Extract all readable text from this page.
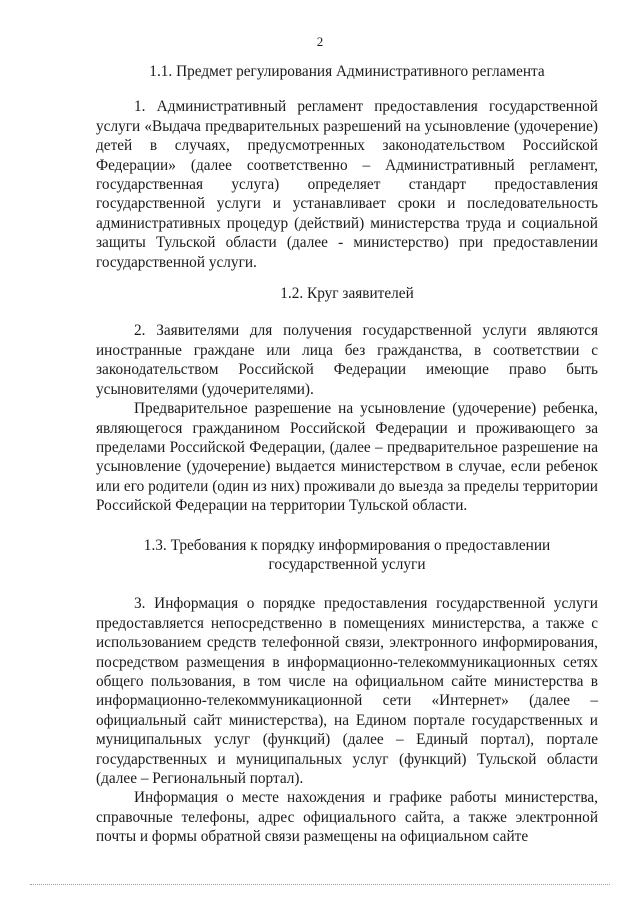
2

1.1. Предмет регулирования Административного регламента

1. Административный регламент предоставления государственной услуги «Выдача предварительных разрешений на усыновление (удочерение) детей в случаях, предусмотренных законодательством Российской Федерации» (далее соответственно – Административный регламент, государственная услуга) определяет стандарт предоставления государственной услуги и устанавливает сроки и последовательность административных процедур (действий) министерства труда и социальной защиты Тульской области (далее - министерство) при предоставлении государственной услуги.

1.2. Круг заявителей

2. Заявителями для получения государственной услуги являются иностранные граждане или лица без гражданства, в соответствии с законодательством Российской Федерации имеющие право быть усыновителями (удочерителями).

Предварительное разрешение на усыновление (удочерение) ребенка, являющегося гражданином Российской Федерации и проживающего за пределами Российской Федерации, (далее – предварительное разрешение на усыновление (удочерение) выдается министерством в случае, если ребенок или его родители (один из них) проживали до выезда за пределы территории Российской Федерации на территории Тульской области.

1.3. Требования к порядку информирования о предоставлении государственной услуги

3. Информация о порядке предоставления государственной услуги предоставляется непосредственно в помещениях министерства, а также с использованием средств телефонной связи, электронного информирования, посредством размещения в информационно-телекоммуникационных сетях общего пользования, в том числе на официальном сайте министерства в информационно-телекоммуникационной сети «Интернет» (далее – официальный сайт министерства), на Едином портале государственных и муниципальных услуг (функций) (далее – Единый портал), портале государственных и муниципальных услуг (функций) Тульской области (далее – Региональный портал).

Информация о месте нахождения и графике работы министерства, справочные телефоны, адрес официального сайта, а также электронной почты и формы обратной связи размещены на официальном сайте
